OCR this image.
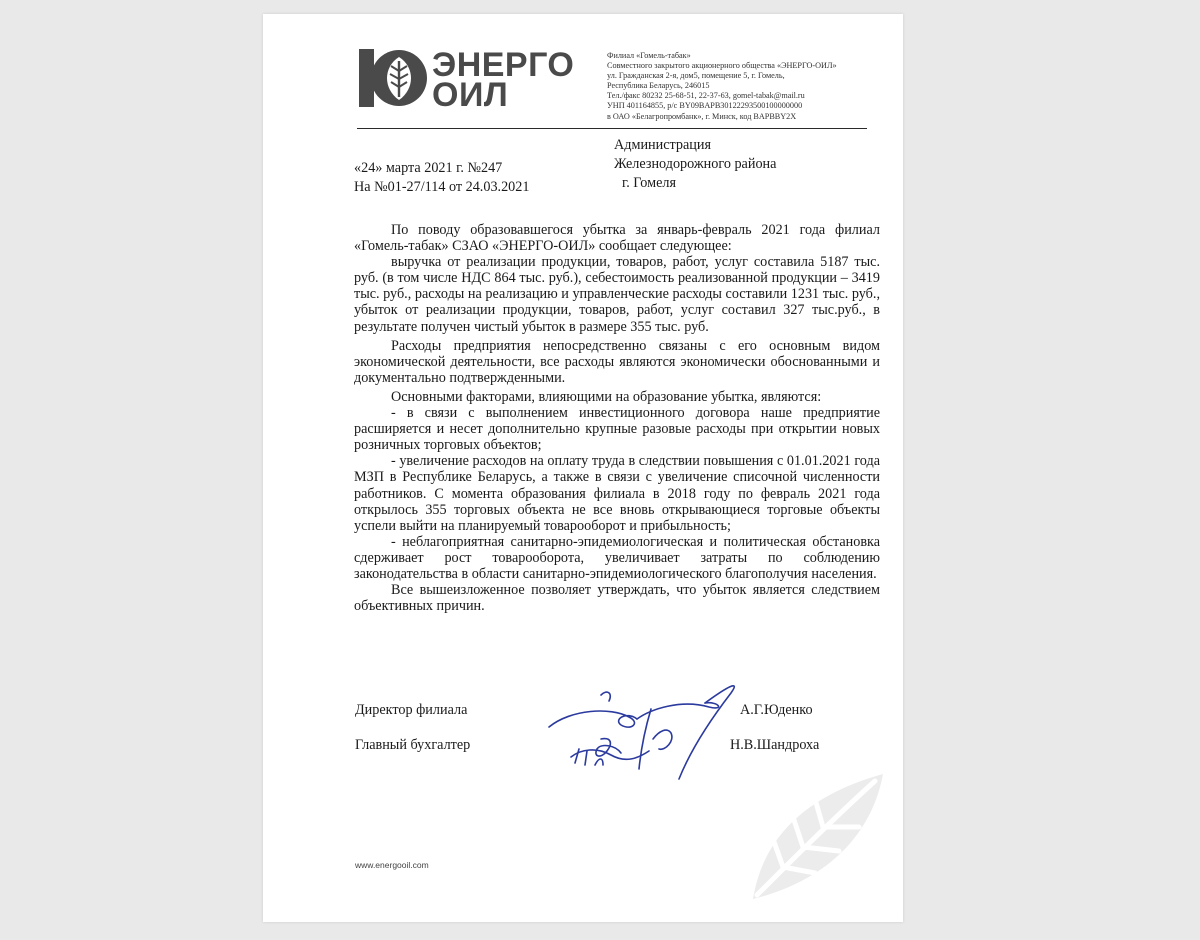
ЭНЕРГО
ОИЛ
Филиал «Гомель-табак»
Совместного закрытого акционерного общества «ЭНЕРГО-ОИЛ»
ул. Гражданская 2-я, дом5, помещение 5, г. Гомель,
Республика Беларусь, 246015
Тел./факс 80232 25-68-51, 22-37-63, gomel-tabak@mail.ru
УНП 401164855, р/с BY09BAPB30122293500100000000
в ОАО «Белагропромбанк», г. Минск, код BAPBBY2X
«24» марта 2021 г. №247
На №01-27/114 от 24.03.2021
Администрация
Железнодорожного района
г. Гомеля

По поводу образовавшегося убытка за январь-февраль 2021 года филиал «Гомель-табак» СЗАО «ЭНЕРГО-ОИЛ» сообщает следующее:

выручка от реализации продукции, товаров, работ, услуг составила 5187 тыс. руб. (в том числе НДС 864 тыс. руб.), себестоимость реализованной продукции – 3419 тыс. руб., расходы на реализацию и управленческие расходы составили 1231 тыс. руб., убыток от реализации продукции, товаров, работ, услуг составил 327 тыс.руб., в результате получен чистый убыток в размере 355 тыс. руб.

Расходы предприятия непосредственно связаны с его основным видом экономической деятельности, все расходы являются экономически обоснованными и документально подтвержденными.

Основными факторами, влияющими на образование убытка, являются:

- в связи с выполнением инвестиционного договора наше предприятие расширяется и несет дополнительно крупные разовые расходы при открытии новых розничных торговых объектов;

- увеличение расходов на оплату труда в следствии повышения с 01.01.2021 года МЗП в Республике Беларусь, а также в связи с увеличение списочной численности работников. С момента образования филиала в 2018 году по февраль 2021 года открылось 355 торговых объекта не все вновь открывающиеся торговые объекты успели выйти на планируемый товарооборот и прибыльность;

- неблагоприятная санитарно-эпидемиологическая и политическая обстановка сдерживает рост товарооборота, увеличивает затраты по соблюдению законодательства в области санитарно-эпидемиологического благополучия населения.

Все вышеизложенное позволяет утверждать, что убыток является следствием объективных причин.

Директор филиала	А.Г.Юденко
Главный бухгалтер	Н.В.Шандроха
www.energooil.com
